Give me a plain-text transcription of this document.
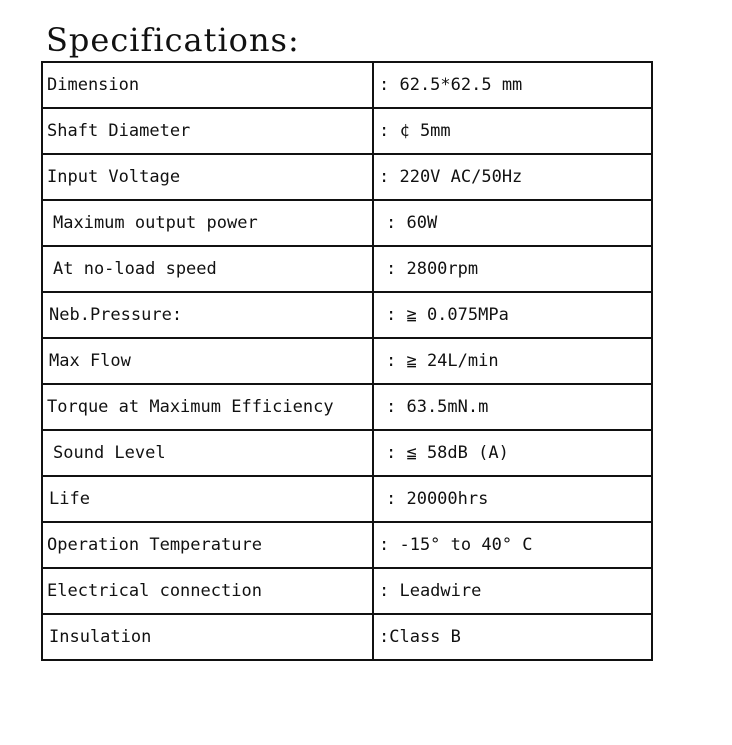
Specifications:
Dimension	: 62.5*62.5 mm
Shaft Diameter	: ¢ 5mm
Input Voltage	: 220V AC/50Hz
Maximum output power	: 60W
At no-load speed	: 2800rpm
Neb.Pressure:	: ≧ 0.075MPa
Max Flow	: ≧ 24L/min
Torque at Maximum Efficiency	: 63.5mN.m
Sound Level	: ≦ 58dB (A)
Life	: 20000hrs
Operation Temperature	: -15° to 40° C
Electrical connection	: Leadwire
Insulation	:Class B
